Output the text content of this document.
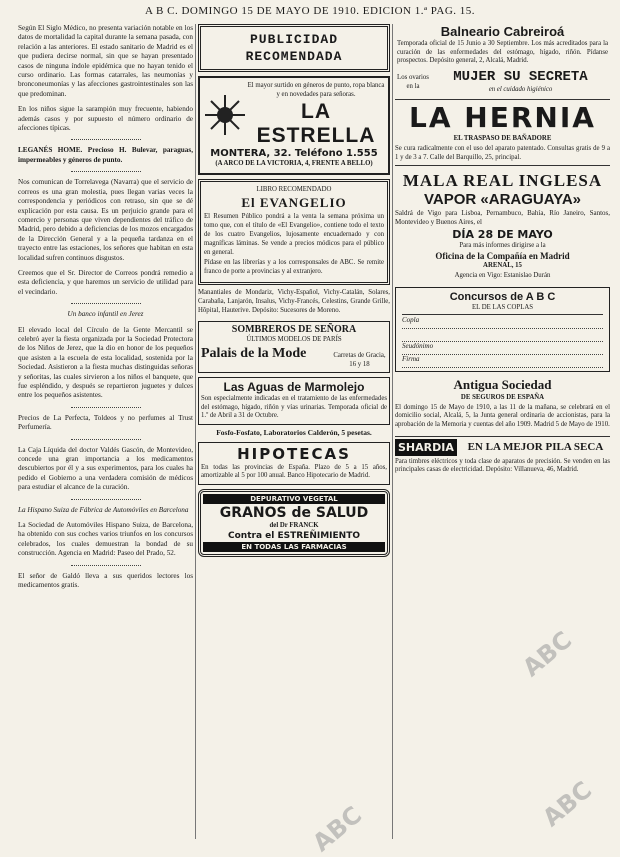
A B C. DOMINGO 15 DE MAYO DE 1910. EDICION 1.ª PAG. 15.

Según El Siglo Médico, no presenta variación notable en los datos de mortalidad la capital durante la semana pasada, con relación a las anteriores. El estado sanitario de Madrid es el que pudiera decirse normal, sin que se hayan presentado casos de ninguna índole epidémica que no hayan tenido el curso ordinario. Las formas catarrales, las neumonías y bronconeumonías y las afecciones gastrointestinales son las que predominan.

En los niños sigue la sarampión muy frecuente, habiendo además casos y por supuesto el número ordinario de afecciones típicas.

LEGANÉS HOME. Precioso H. Bulevar, paraguas, impermeables y géneros de punto.

Nos comunican de Torrelavega (Navarra) que el servicio de correos es una gran molestia, pues llegan varias veces la correspondencia y periódicos con retraso, sin que se dé explicación por esta causa. Es un perjuicio grande para el comercio y personas que viven dependientes del tráfico de Madrid, pero debido a deficiencias de los mozos encargados de la Dirección General y a la pequeña tardanza en el trayecto entre las estaciones, los señores que habitan en esta localidad sufren continuos disgustos.

Creemos que el Sr. Director de Correos pondrá remedio a esta deficiencia, y que haremos un servicio de utilidad para el vecindario.

Un banco infantil en Jerez

El elevado local del Círculo de la Gente Mercantil se celebró ayer la fiesta organizada por la Sociedad Protectora de los Niños de Jerez, que la dio en honor de los pequeños que asisten a la escuela de esta localidad, sostenida por la Sociedad. Asistieron a la fiesta muchas distinguidas señoras y señoritas, las cuales sirvieron a los niños el banquete, que fue espléndido, y después se repartieron juguetes y dulces entre los pequeños asistentes.

Precios de La Perfecta, Toldeos y no perfumes al Trust Perfumería.

La Caja Líquida del doctor Valdés Gascón, de Montevideo, concede una gran importancia a los medicamentos descubiertos por él y a sus experimentos, para los cuales ha pedido el Gobierno a una verdadera comisión de médicos para estudiar el alcance de la curación.

La Hispano Suiza de Fábrica de Automóviles en Barcelona

La Sociedad de Automóviles Hispano Suiza, de Barcelona, ha obtenido con sus coches varios triunfos en los concursos celebrados, los cuales demuestran la bondad de su construcción. Agencia en Madrid: Paseo del Prado, 52.

El señor de Galdó lleva a sus queridos lectores los medicamentos gratis.

PUBLICIDAD RECOMENDADA
El mayor surtido en géneros de punto, ropa blanca y en novedades para señoras.
LA ESTRELLA
MONTERA, 32. Teléfono 1.555
(A ARCO DE LA VICTORIA, 4, FRENTE A BELLO)
LIBRO RECOMENDADO
El EVANGELIO

El Resumen Público pondrá a la venta la semana próxima un tomo que, con el título de «El Evangelio», contiene todo el texto de los cuatro Evangelios, lujosamente encuadernado y con magníficas láminas. Se vende a precios módicos para el público en general.

Pídase en las librerías y a los corresponsales de ABC. Se remite franco de porte a provincias y al extranjero.

Manantiales de Mondariz, Vichy-Español, Vichy-Catalán, Solares, Carabaña, Lanjarón, Insalus, Vichy-Francés, Celestins, Grande Grille, Hôpital, Hauterive. Depósito: Sucesores de Moreno.

SOMBREROS DE SEÑORA
ÚLTIMOS MODELOS DE PARÍS
Palais de la Mode	Carretas de Gracia, 16 y 18
Las Aguas de Marmolejo

Son especialmente indicadas en el tratamiento de las enfermedades del estómago, hígado, riñón y vías urinarias. Temporada oficial de 1.º de Abril a 31 de Octubre.

Fosfo-Fosfato, Laboratorios Calderón, 5 pesetas.
HIPOTECAS

En todas las provincias de España. Plazo de 5 a 15 años, amortizable al 5 por 100 anual. Banco Hipotecario de Madrid.

DEPURATIVO VEGETAL
GRANOS de SALUD
del Dr FRANCK
Contra el ESTREÑIMIENTO
EN TODAS LAS FARMACIAS
Balneario Cabreiroá

Temporada oficial de 15 Junio a 30 Septiembre. Los más acreditados para la curación de las enfermedades del estómago, hígado, riñón. Pídanse prospectos. Depósito general, 2, Alcalá, Madrid.

Los ovarios en la
MUJER SU SECRETA
en el cuidado higiénico
LA HERNIA
EL TRASPASO DE BAÑADORE

Se cura radicalmente con el uso del aparato patentado. Consultas gratis de 9 a 1 y de 3 a 7. Calle del Barquillo, 25, principal.

MALA REAL INGLESA
VAPOR «ARAGUAYA»

Saldrá de Vigo para Lisboa, Pernambuco, Bahía, Río Janeiro, Santos, Montevideo y Buenos Aires, el

DÍA 28 DE MAYO
Para más informes dirigirse a la
Oficina de la Compañía en Madrid
ARENAL, 15
Agencia en Vigo: Estanislao Durán
Concursos de A B C
EL DE LAS COPLAS
Copla
Seudónimo
Firma
Antigua Sociedad
DE SEGUROS DE ESPAÑA

El domingo 15 de Mayo de 1910, a las 11 de la mañana, se celebrará en el domicilio social, Alcalá, 5, la Junta general ordinaria de accionistas, para la aprobación de la Memoria y cuentas del año 1909. Madrid 5 de Mayo de 1910.

SHARDIA	EN LA MEJOR PILA SECA

Para timbres eléctricos y toda clase de aparatos de precisión. Se venden en las principales casas de electricidad. Depósito: Villanueva, 46, Madrid.

ABC
ABC
ABC
